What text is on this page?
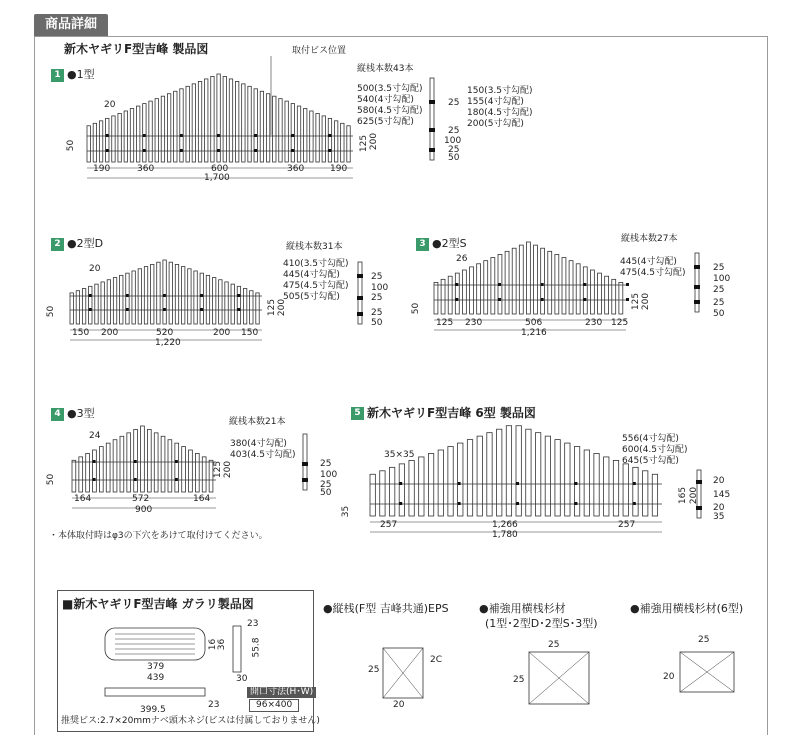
商品詳細
新木ヤギリF型吉峰 製品図
1 ●1型
取付ビス位置
縦桟本数43本
20
50
500(3.5寸勾配)
540(4寸勾配)
580(4.5寸勾配)
625(5寸勾配)
125 200
190	360	600	360	190
1,700
150(3.5寸勾配)
155(4寸勾配)
180(4.5寸勾配)
200(5寸勾配)
25
25
100
25
50
2 ●2型D	縦桟本数31本
20
50
410(3.5寸勾配)
445(4寸勾配)
475(4.5寸勾配)
505(5寸勾配)
125 200
150 200	520	200 150
1,220
25
100
25
25
50
3 ●2型S	縦桟本数27本
26
50
445(4寸勾配)
475(4.5寸勾配)
125 200
125 230	506	230 125
1,216
25
100
25
25
50
4 ●3型
縦桟本数21本
24
50
380(4寸勾配)
403(4.5寸勾配)
125 200
164	572	164
900
25
100
25
50
・本体取付時はφ3の下穴をあけて取付けてください。
5 新木ヤギリF型吉峰 6型 製品図
35×35
35
556(4寸勾配)
600(4.5寸勾配)
645(5寸勾配)
165 200
257	1,266	257
1,780
20
145
20
35
■新木ヤギリF型吉峰 ガラリ製品図
379
439
399.5	23
16 36	55.8
23
30
開口寸法(H･W)
96×400
推奨ビス:2.7×20mmナベ頭木ネジ(ビスは付属しておりません)
●縦桟(F型 吉峰共通)EPS	●補強用横桟杉材
(1型･2型D･2型S･3型)
●補強用横桟杉材(6型)
20
25
2C
25
25
25
20
